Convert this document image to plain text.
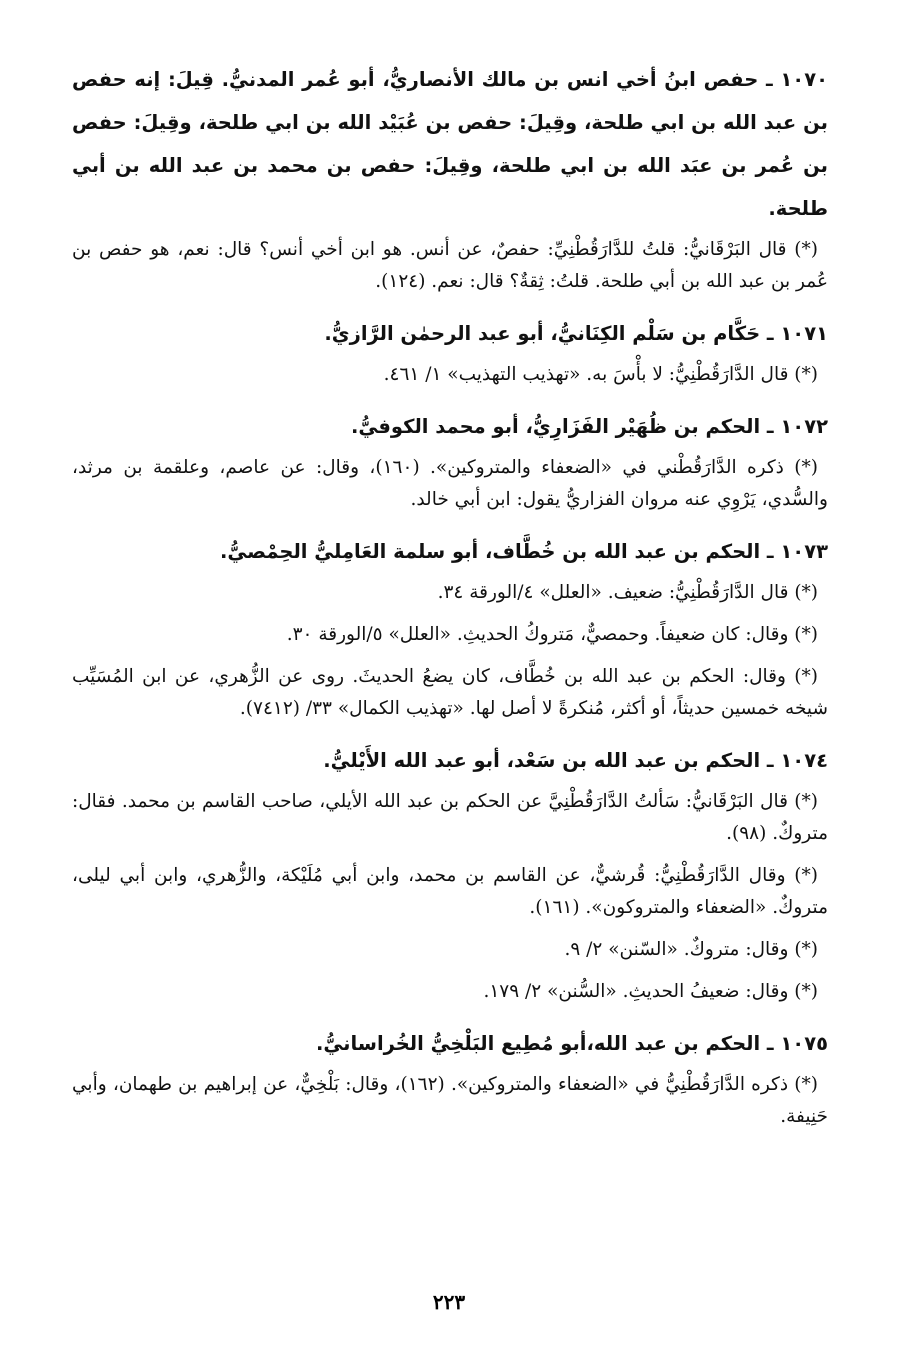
١٠٧٠ ـ حفص ابنُ أخي انس بن مالك الأنصاريُّ، أبو عُمر المدنيُّ. قِيلَ: إنه حفص بن عبد الله بن ابي طلحة، وقِيلَ: حفص بن عُبَيْد الله بن ابي طلحة، وقِيلَ: حفص بن عُمر بن عبَد الله بن ابي طلحة، وقِيلَ: حفص بن محمد بن عبد الله بن أبي طلحة.

(*) قال البَرْقَانيُّ: قلتُ للدَّارَقُطْنِيِّ: حفصٌ، عن أنس. هو ابن أخي أنس؟ قال: نعم، هو حفص بن عُمر بن عبد الله بن أبي طلحة. قلتُ: ثِقةٌ؟ قال: نعم. (١٢٤).

١٠٧١ ـ حَكَّام بن سَلْم الكِنَانيُّ، أبو عبد الرحمٰن الرَّازيُّ.

(*) قال الدَّارَقُطْنِيُّ: لا بأْسَ به. «تهذيب التهذيب» ١/ ٤٦١.

١٠٧٢ ـ الحكم بن ظُهَيْر الفَزَارِيُّ، أبو محمد الكوفيُّ.

(*) ذكره الدَّارَقُطْني في «الضعفاء والمتروكين». (١٦٠)، وقال: عن عاصم، وعلقمة بن مرثد، والسُّدي، يَرْوِي عنه مروان الفزاريُّ يقول: ابن أبي خالد.

١٠٧٣ ـ الحكم بن عبد الله بن خُطَّاف، أبو سلمة العَامِليُّ الحِمْصيُّ.

(*) قال الدَّارَقُطْنِيُّ: ضعيف. «العلل» ٤/الورقة ٣٤.

(*) وقال: كان ضعيفاً. وحمصيٌّ، مَتروكُ الحديثِ. «العلل» ٥/الورقة ٣٠.

(*) وقال: الحكم بن عبد الله بن خُطَّاف، كان يضعُ الحديثَ. روى عن الزُّهري، عن ابن المُسَيِّب شيخه خمسين حديثاً، أو أكثر، مُنكرةً لا أصل لها. «تهذيب الكمال» ٣٣/ (٧٤١٢).

١٠٧٤ ـ الحكم بن عبد الله بن سَعْد، أبو عبد الله الأَيْليُّ.

(*) قال البَرْقَانيُّ: سَألتُ الدَّارَقُطْنِيَّ عن الحكم بن عبد الله الأيلي، صاحب القاسم بن محمد. فقال: متروكٌ. (٩٨).

(*) وقال الدَّارَقُطْنِيُّ: قُرشيٌّ، عن القاسم بن محمد، وابن أبي مُلَيْكة، والزُّهري، وابن أبي ليلى، متروكٌ. «الضعفاء والمتروكون». (١٦١).

(*) وقال: متروكٌ. «السّنن» ٢/ ٩.

(*) وقال: ضعيفُ الحديثِ. «السُّنن» ٢/ ١٧٩.

١٠٧٥ ـ الحكم بن عبد الله،أبو مُطِيع البَلْخِيُّ الخُراسانيُّ.

(*) ذكره الدَّارَقُطْنِيُّ في «الضعفاء والمتروكين». (١٦٢)، وقال: بَلْخِيٌّ، عن إبراهيم بن طهمان، وأبي حَنِيفة.

٢٢٣
